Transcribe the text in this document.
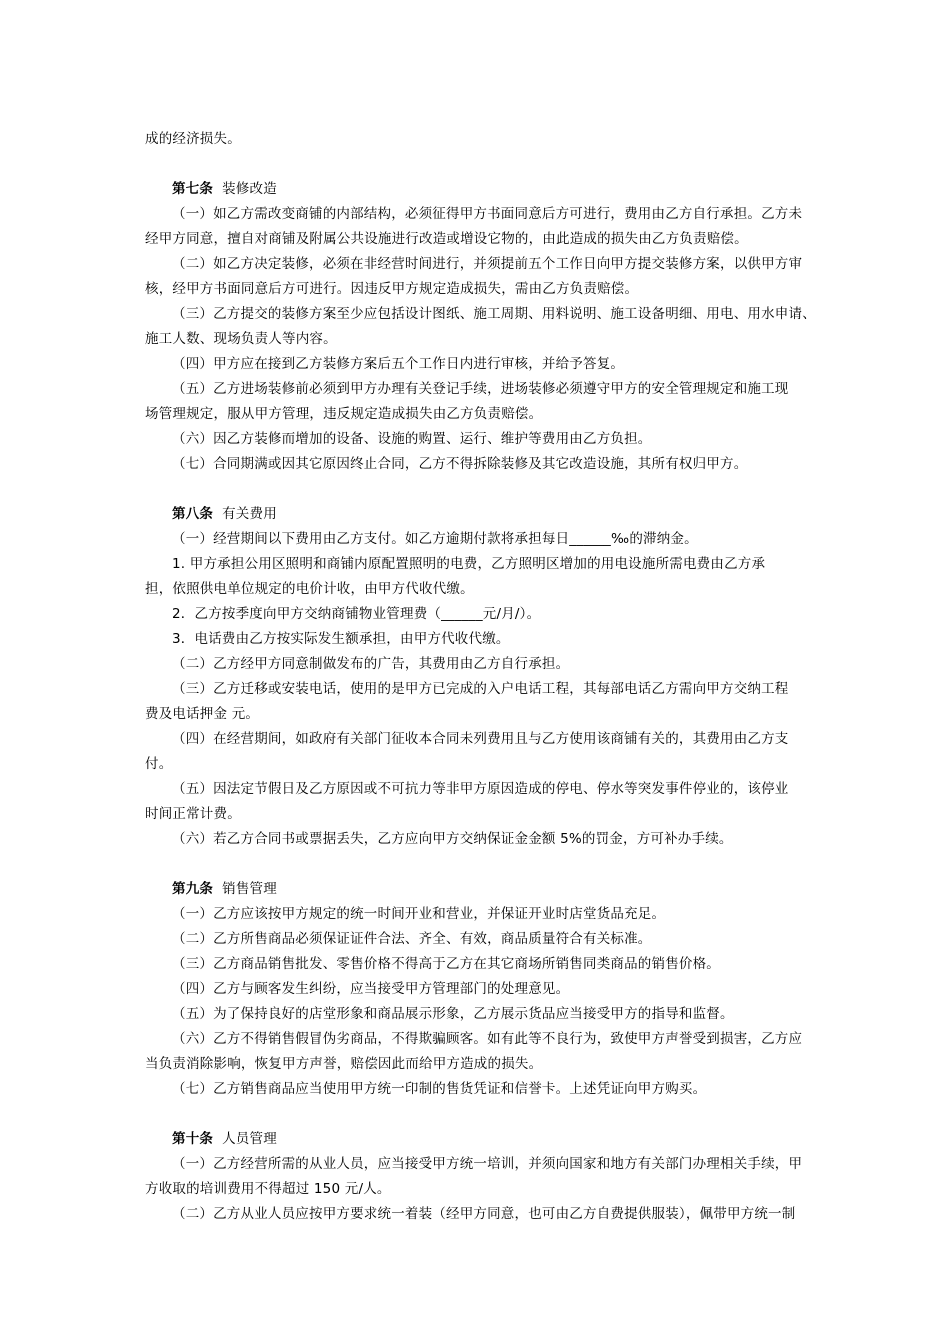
成的经济损失。
第七条 装修改造
（一）如乙方需改变商铺的内部结构，必须征得甲方书面同意后方可进行，费用由乙方自行承担。乙方未
经甲方同意，擅自对商铺及附属公共设施进行改造或增设它物的，由此造成的损失由乙方负责赔偿。
（二）如乙方决定装修，必须在非经营时间进行，并须提前五个工作日向甲方提交装修方案，以供甲方审
核，经甲方书面同意后方可进行。因违反甲方规定造成损失，需由乙方负责赔偿。
（三）乙方提交的装修方案至少应包括设计图纸、施工周期、用料说明、施工设备明细、用电、用水申请、
施工人数、现场负责人等内容。
（四）甲方应在接到乙方装修方案后五个工作日内进行审核，并给予答复。
（五）乙方进场装修前必须到甲方办理有关登记手续，进场装修必须遵守甲方的安全管理规定和施工现
场管理规定，服从甲方管理，违反规定造成损失由乙方负责赔偿。
（六）因乙方装修而增加的设备、设施的购置、运行、维护等费用由乙方负担。
（七）合同期满或因其它原因终止合同，乙方不得拆除装修及其它改造设施，其所有权归甲方。
第八条 有关费用
（一）经营期间以下费用由乙方支付。如乙方逾期付款将承担每日______‰的滞纳金。
1. 甲方承担公用区照明和商铺内原配置照明的电费，乙方照明区增加的用电设施所需电费由乙方承
担，依照供电单位规定的电价计收，由甲方代收代缴。
2．乙方按季度向甲方交纳商铺物业管理费（______元/月/）。
3．电话费由乙方按实际发生额承担，由甲方代收代缴。
（二）乙方经甲方同意制做发布的广告，其费用由乙方自行承担。
（三）乙方迁移或安装电话，使用的是甲方已完成的入户电话工程，其每部电话乙方需向甲方交纳工程
费及电话押金 元。
（四）在经营期间，如政府有关部门征收本合同未列费用且与乙方使用该商铺有关的，其费用由乙方支
付。
（五）因法定节假日及乙方原因或不可抗力等非甲方原因造成的停电、停水等突发事件停业的，该停业
时间正常计费。
（六）若乙方合同书或票据丢失，乙方应向甲方交纳保证金金额 5%的罚金，方可补办手续。
第九条 销售管理
（一）乙方应该按甲方规定的统一时间开业和营业，并保证开业时店堂货品充足。
（二）乙方所售商品必须保证证件合法、齐全、有效，商品质量符合有关标准。
（三）乙方商品销售批发、零售价格不得高于乙方在其它商场所销售同类商品的销售价格。
（四）乙方与顾客发生纠纷，应当接受甲方管理部门的处理意见。
（五）为了保持良好的店堂形象和商品展示形象，乙方展示货品应当接受甲方的指导和监督。
（六）乙方不得销售假冒伪劣商品，不得欺骗顾客。如有此等不良行为，致使甲方声誉受到损害，乙方应
当负责消除影响，恢复甲方声誉，赔偿因此而给甲方造成的损失。
（七）乙方销售商品应当使用甲方统一印制的售货凭证和信誉卡。上述凭证向甲方购买。
第十条 人员管理
（一）乙方经营所需的从业人员，应当接受甲方统一培训，并须向国家和地方有关部门办理相关手续，甲
方收取的培训费用不得超过 150 元/人。
（二）乙方从业人员应按甲方要求统一着装（经甲方同意，也可由乙方自费提供服装），佩带甲方统一制
